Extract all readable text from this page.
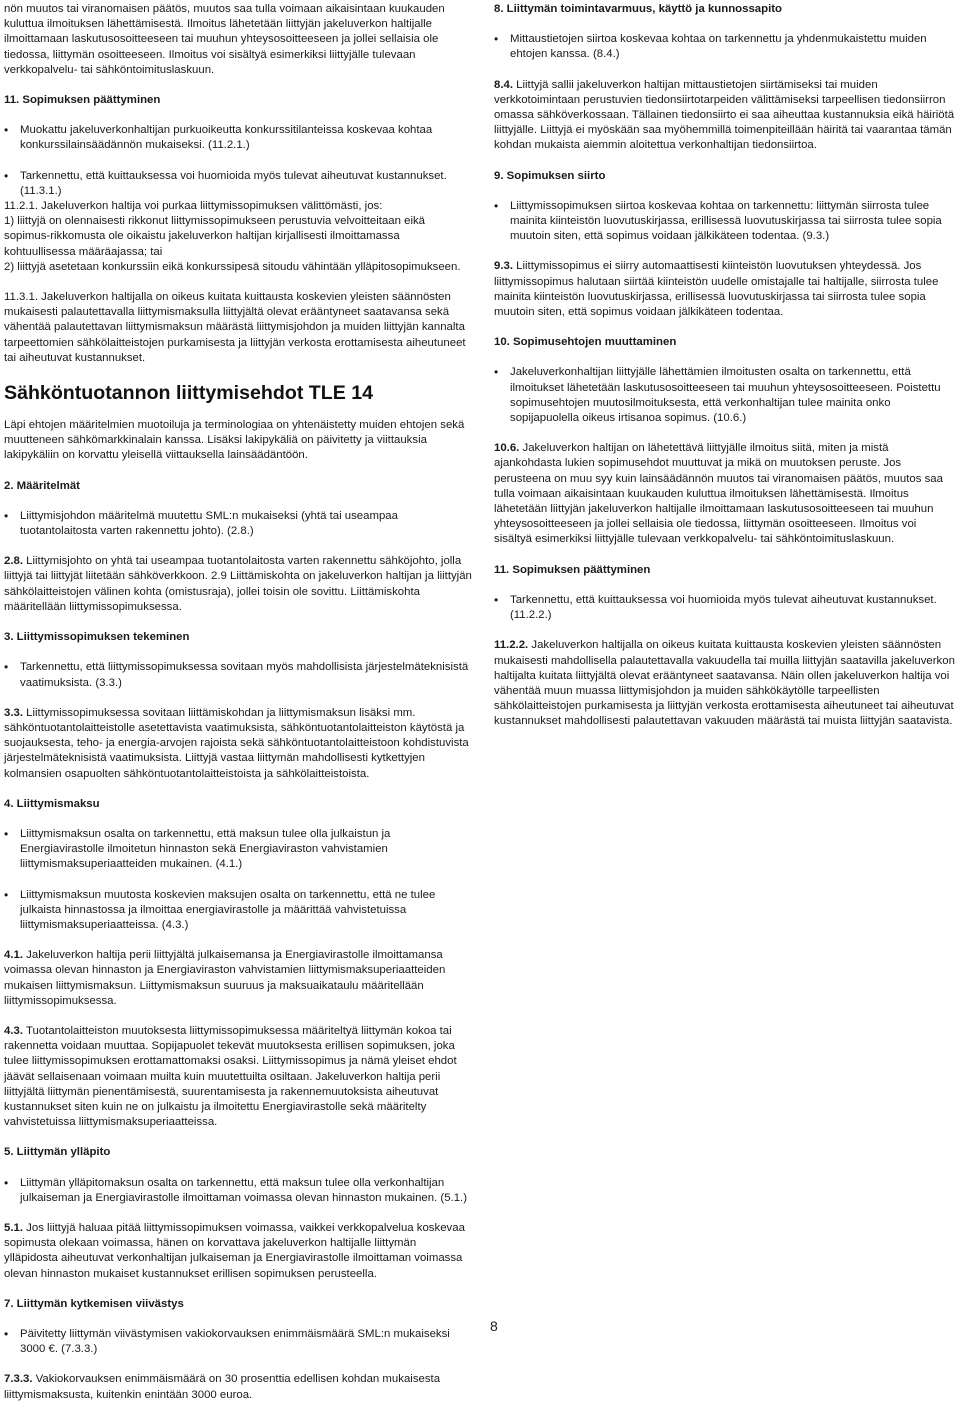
nön muutos tai viranomaisen päätös, muutos saa tulla voimaan aikaisintaan kuukauden kuluttua ilmoituksen lähettämisestä. Ilmoitus lähetetään liittyjän jakeluverkon haltijalle ilmoittamaan laskutusosoitteeseen tai muuhun yhteysosoitteeseen ja jollei sellaisia ole tiedossa, liittymän osoitteeseen. Ilmoitus voi sisältyä esimerkiksi liittyjälle tulevaan verkkopalvelu- tai sähköntoimituslaskuun.

11. Sopimuksen päättyminen
•
Muokattu jakeluverkonhaltijan purkuoikeutta konkurssitilanteissa koskevaa kohtaa konkurssilainsäädännön mukaiseksi. (11.2.1.)
•
Tarkennettu, että kuittauksessa voi huomioida myös tulevat aiheutuvat kustannukset. (11.3.1.)

11.2.1. Jakeluverkon haltija voi purkaa liittymissopimuksen välittömästi, jos:

1) liittyjä on olennaisesti rikkonut liittymissopimukseen perustuvia velvoitteitaan eikä sopimus-rikkomusta ole oikaistu jakeluverkon haltijan kirjallisesti ilmoittamassa kohtuullisessa määräajassa; tai

2) liittyjä asetetaan konkurssiin eikä konkurssipesä sitoudu vähintään ylläpitosopimukseen.

11.3.1. Jakeluverkon haltijalla on oikeus kuitata kuittausta koskevien yleisten säännösten mukaisesti palautettavalla liittymismaksulla liittyjältä olevat erääntyneet saatavansa sekä vähentää palautettavan liittymismaksun määrästä liittymisjohdon ja muiden liittyjän kannalta tarpeettomien sähkölaitteistojen purkamisesta ja liittyjän verkosta erottamisesta aiheutuneet tai aiheutuvat kustannukset.

Sähköntuotannon liittymisehdot TLE 14

Läpi ehtojen määritelmien muotoiluja ja terminologiaa on yhtenäistetty muiden ehtojen sekä muutteneen sähkömarkkinalain kanssa. Lisäksi lakipykäliä on päivitetty ja viittauksia lakipykäliin on korvattu yleisellä viittauksella lainsäädäntöön.

2. Määritelmät
•
Liittymisjohdon määritelmä muutettu SML:n mukaiseksi (yhtä tai useampaa tuotantolaitosta varten rakennettu johto). (2.8.)

2.8. Liittymisjohto on yhtä tai useampaa tuotantolaitosta varten rakennettu sähköjohto, jolla liittyjä tai liittyjät liitetään sähköverkkoon. 2.9 Liittämiskohta on jakeluverkon haltijan ja liittyjän sähkölaitteistojen välinen kohta (omistusraja), jollei toisin ole sovittu. Liittämiskohta määritellään liittymissopimuksessa.

3. Liittymissopimuksen tekeminen
•
Tarkennettu, että liittymissopimuksessa sovitaan myös mahdollisista järjestelmäteknisistä vaatimuksista. (3.3.)

3.3. Liittymissopimuksessa sovitaan liittämiskohdan ja liittymismaksun lisäksi mm. sähköntuotantolaitteistolle asetettavista vaatimuksista, sähköntuotantolaitteiston käytöstä ja suojauksesta, teho- ja energia-arvojen rajoista sekä sähköntuotantolaitteistoon kohdistuvista järjestelmäteknisistä vaatimuksista. Liittyjä vastaa liittymän mahdollisesti kytkettyjen kolmansien osapuolten sähköntuotantolaitteistoista ja sähkölaitteistoista.

4. Liittymismaksu
•
Liittymismaksun osalta on tarkennettu, että maksun tulee olla julkaistun ja Energiavirastolle ilmoitetun hinnaston sekä Energiaviraston vahvistamien liittymismaksuperiaatteiden mukainen. (4.1.)
•
Liittymismaksun muutosta koskevien maksujen osalta on tarkennettu, että ne tulee julkaista hinnastossa ja ilmoittaa energiavirastolle ja määrittää vahvistetuissa liittymismaksuperiaatteissa. (4.3.)

4.1. Jakeluverkon haltija perii liittyjältä julkaisemansa ja Energiavirastolle ilmoittamansa voimassa olevan hinnaston ja Energiaviraston vahvistamien liittymismaksuperiaatteiden mukaisen liittymismaksun. Liittymismaksun suuruus ja maksuaikataulu määritellään liittymissopimuksessa.

4.3. Tuotantolaitteiston muutoksesta liittymissopimuksessa määriteltyä liittymän kokoa tai rakennetta voidaan muuttaa. Sopijapuolet tekevät muutoksesta erillisen sopimuksen, joka tulee liittymissopimuksen erottamattomaksi osaksi. Liittymissopimus ja nämä yleiset ehdot jäävät sellaisenaan voimaan muilta kuin muutettuilta osiltaan. Jakeluverkon haltija perii liittyjältä liittymän pienentämisestä, suurentamisesta ja rakennemuutoksista aiheutuvat kustannukset siten kuin ne on julkaistu ja ilmoitettu Energiavirastolle sekä määritelty vahvistetuissa liittymismaksuperiaatteissa.

5. Liittymän ylläpito
•
Liittymän ylläpitomaksun osalta on tarkennettu, että maksun tulee olla verkonhaltijan julkaiseman ja Energiavirastolle ilmoittaman voimassa olevan hinnaston mukainen. (5.1.)

5.1. Jos liittyjä haluaa pitää liittymissopimuksen voimassa, vaikkei verkkopalvelua koskevaa sopimusta olekaan voimassa, hänen on korvattava jakeluverkon haltijalle liittymän ylläpidosta aiheutuvat verkonhaltijan julkaiseman ja Energiavirastolle ilmoittaman voimassa olevan hinnaston mukaiset kustannukset erillisen sopimuksen perusteella.

7. Liittymän kytkemisen viivästys
•
Päivitetty liittymän viivästymisen vakiokorvauksen enimmäismäärä SML:n mukaiseksi 3000 €. (7.3.3.)

7.3.3. Vakiokorvauksen enimmäismäärä on 30 prosenttia edellisen kohdan mukaisesta liittymismaksusta, kuitenkin enintään 3000 euroa.

8. Liittymän toimintavarmuus, käyttö ja kunnossapito
•
Mittaustietojen siirtoa koskevaa kohtaa on tarkennettu ja yhdenmukaistettu muiden ehtojen kanssa. (8.4.)

8.4. Liittyjä sallii jakeluverkon haltijan mittaustietojen siirtämiseksi tai muiden verkkotoimintaan perustuvien tiedonsiirtotarpeiden välittämiseksi tarpeellisen tiedonsiirron omassa sähköverkossaan. Tällainen tiedonsiirto ei saa aiheuttaa kustannuksia eikä häiriötä liittyjälle. Liittyjä ei myöskään saa myöhemmillä toimenpiteillään häiritä tai vaarantaa tämän kohdan mukaista aiemmin aloitettua verkonhaltijan tiedonsiirtoa.

9. Sopimuksen siirto
•
Liittymissopimuksen siirtoa koskevaa kohtaa on tarkennettu: liittymän siirrosta tulee mainita kiinteistön luovutuskirjassa, erillisessä luovutuskirjassa tai siirrosta tulee sopia muutoin siten, että sopimus voidaan jälkikäteen todentaa. (9.3.)

9.3. Liittymissopimus ei siirry automaattisesti kiinteistön luovutuksen yhteydessä. Jos liittymissopimus halutaan siirtää kiinteistön uudelle omistajalle tai haltijalle, siirrosta tulee mainita kiinteistön luovutuskirjassa, erillisessä luovutuskirjassa tai siirrosta tulee sopia muutoin siten, että sopimus voidaan jälkikäteen todentaa.

10. Sopimusehtojen muuttaminen
•
Jakeluverkonhaltijan liittyjälle lähettämien ilmoitusten osalta on tarkennettu, että ilmoitukset lähetetään laskutusosoitteeseen tai muuhun yhteysosoitteeseen. Poistettu sopimusehtojen muutosilmoituksesta, että verkonhaltijan tulee mainita onko sopijapuolella oikeus irtisanoa sopimus. (10.6.)

10.6. Jakeluverkon haltijan on lähetettävä liittyjälle ilmoitus siitä, miten ja mistä ajankohdasta lukien sopimusehdot muuttuvat ja mikä on muutoksen peruste. Jos perusteena on muu syy kuin lainsäädännön muutos tai viranomaisen päätös, muutos saa tulla voimaan aikaisintaan kuukauden kuluttua ilmoituksen lähettämisestä. Ilmoitus lähetetään liittyjän jakeluverkon haltijalle ilmoittamaan laskutusosoitteeseen tai muuhun yhteysosoitteeseen ja jollei sellaisia ole tiedossa, liittymän osoitteeseen. Ilmoitus voi sisältyä esimerkiksi liittyjälle tulevaan verkkopalvelu- tai sähköntoimituslaskuun.

11. Sopimuksen päättyminen
•
Tarkennettu, että kuittauksessa voi huomioida myös tulevat aiheutuvat kustannukset. (11.2.2.)

11.2.2. Jakeluverkon haltijalla on oikeus kuitata kuittausta koskevien yleisten säännösten mukaisesti mahdollisella palautettavalla vakuudella tai muilla liittyjän saatavilla jakeluverkon haltijalta kuitata liittyjältä olevat erääntyneet saatavansa. Näin ollen jakeluverkon haltija voi vähentää muun muassa liittymisjohdon ja muiden sähkökäytölle tarpeellisten sähkölaitteistojen purkamisesta ja liittyjän verkosta erottamisesta aiheutuneet tai aiheutuvat kustannukset mahdollisesti palautettavan vakuuden määrästä tai muista liittyjän saatavista.

8
